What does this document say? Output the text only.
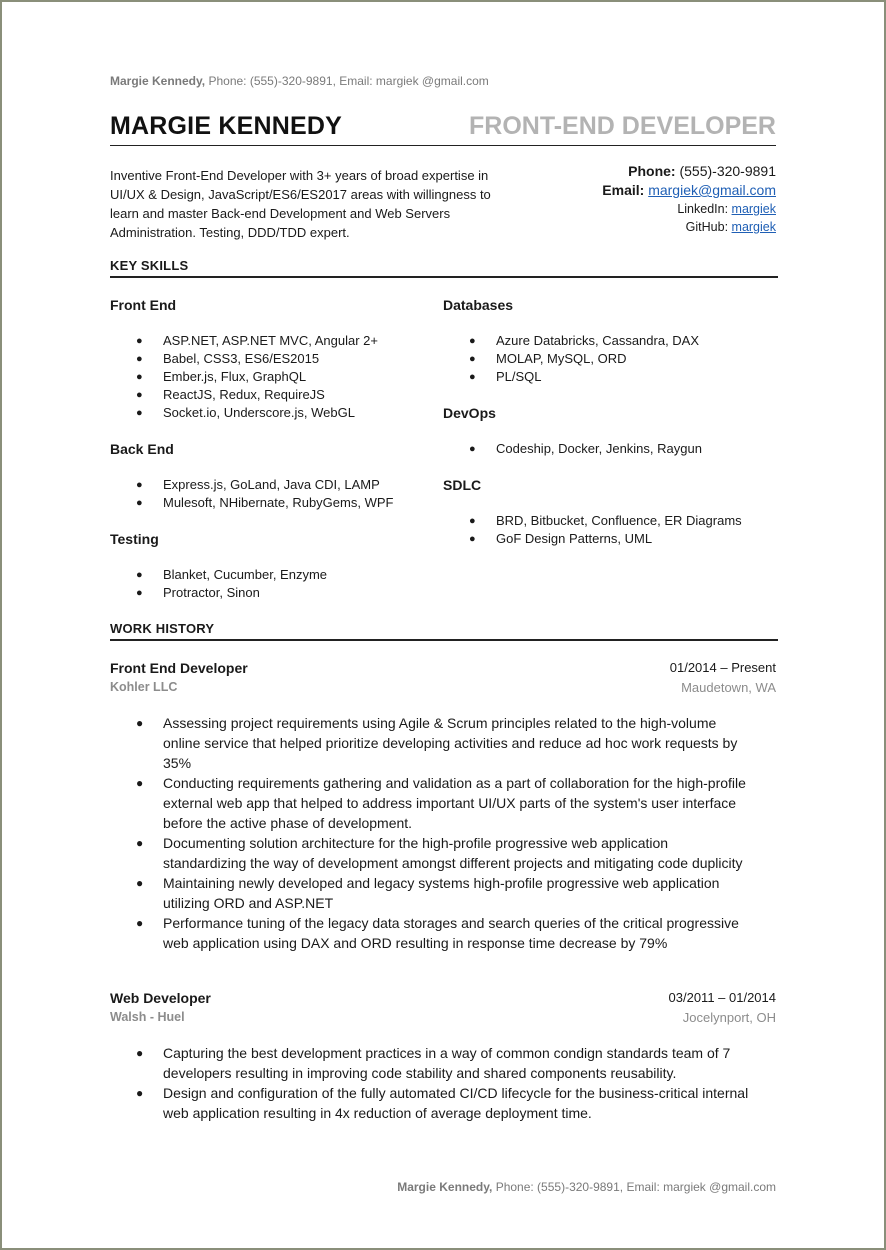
Margie Kennedy, Phone: (555)-320-9891, Email: margiek @gmail.com
MARGIE KENNEDY	FRONT-END DEVELOPER
Inventive Front-End Developer with 3+ years of broad expertise in UI/UX & Design, JavaScript/ES6/ES2017 areas with willingness to learn and master Back-end Development and Web Servers Administration. Testing, DDD/TDD expert.
Phone: (555)-320-9891
Email: margiek@gmail.com
LinkedIn: margiek
GitHub: margiek
KEY SKILLS
Front End
● ASP.NET, ASP.NET MVC, Angular 2+
● Babel, CSS3, ES6/ES2015
● Ember.js, Flux, GraphQL
● ReactJS, Redux, RequireJS
● Socket.io, Underscore.js, WebGL
Back End
● Express.js, GoLand, Java CDI, LAMP
● Mulesoft, NHibernate, RubyGems, WPF
Testing
● Blanket, Cucumber, Enzyme
● Protractor, Sinon
Databases
● Azure Databricks, Cassandra, DAX
● MOLAP, MySQL, ORD
● PL/SQL
DevOps
● Codeship, Docker, Jenkins, Raygun
SDLC
● BRD, Bitbucket, Confluence, ER Diagrams
● GoF Design Patterns, UML
WORK HISTORY
Front End Developer	01/2014 – Present
Kohler LLC	Maudetown, WA
● Assessing project requirements using Agile & Scrum principles related to the high-volume online service that helped prioritize developing activities and reduce ad hoc work requests by 35%
● Conducting requirements gathering and validation as a part of collaboration for the high-profile external web app that helped to address important UI/UX parts of the system's user interface before the active phase of development.
● Documenting solution architecture for the high-profile progressive web application standardizing the way of development amongst different projects and mitigating code duplicity
● Maintaining newly developed and legacy systems high-profile progressive web application utilizing ORD and ASP.NET
● Performance tuning of the legacy data storages and search queries of the critical progressive web application using DAX and ORD resulting in response time decrease by 79%
Web Developer	03/2011 – 01/2014
Walsh - Huel	Jocelynport, OH
● Capturing the best development practices in a way of common condign standards team of 7 developers resulting in improving code stability and shared components reusability.
● Design and configuration of the fully automated CI/CD lifecycle for the business-critical internal web application resulting in 4x reduction of average deployment time.
Margie Kennedy, Phone: (555)-320-9891, Email: margiek @gmail.com
